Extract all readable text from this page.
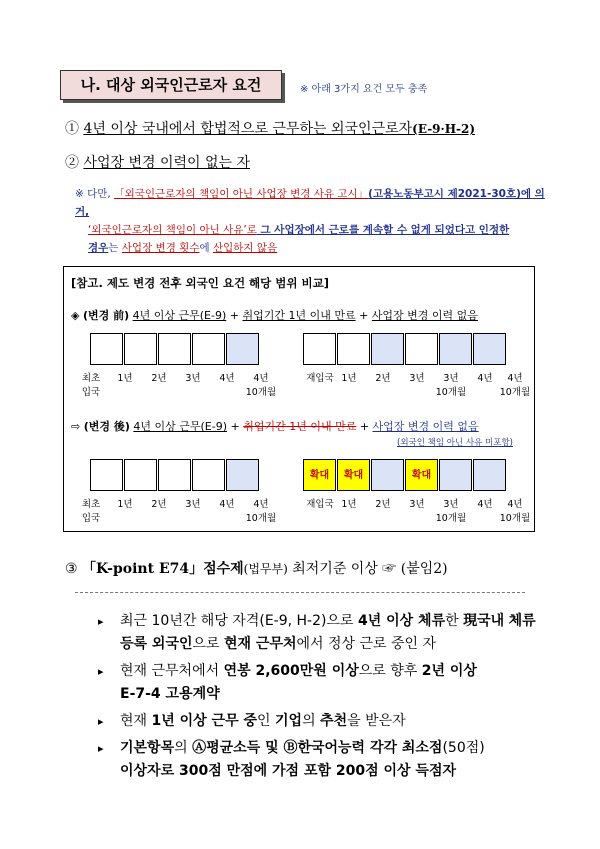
나. 대상 외국인근로자 요건	※ 아래 3가지 요건 모두 충족
① 4년 이상 국내에서 합법적으로 근무하는 외국인근로자(E-9·H-2)
② 사업장 변경 이력이 없는 자
※ 다만, 「외국인근로자의 책임이 아닌 사업장 변경 사유 고시」(고용노동부고시 제2021-30호)에 의거,
‘외국인근로자의 책임이 아닌 사유’로 그 사업장에서 근로를 계속할 수 없게 되었다고 인정한
경우는 사업장 변경 횟수에 산입하지 않음
[참고. 제도 변경 전후 외국인 요건 해당 범위 비교]
◈ (변경 前) 4년 이상 근무(E-9) + 취업기간 1년 이내 만료 + 사업장 변경 이력 없음
최초
입국
1년	2년	3년	4년	4년
10개월
재입국 1년	2년	3년	3년
10개월
4년	4년
10개월
⇨ (변경 後) 4년 이상 근무(E-9) + 취업기간 1년 이내 만료 + 사업장 변경 이력 없음
(외국인 책임 아닌 사유 미포함)
확대	확대	확대
최초
입국
1년	2년	3년	4년	4년
10개월
재입국 1년	2년	3년	3년
10개월
4년	4년
10개월
③ 「K-point E74」점수제(법무부) 최저기준 이상 ☞ (붙임2)
▸ 최근 10년간 해당 자격(E-9, H-2)으로 4년 이상 체류한 現국내 체류 등록 외국인으로 현재 근무처에서 정상 근로 중인 자
▸ 현재 근무처에서 연봉 2,600만원 이상으로 향후 2년 이상
E-7-4 고용계약
▸ 현재 1년 이상 근무 중인 기업의 추천을 받은자
▸ 기본항목의 Ⓐ평균소득 및 Ⓑ한국어능력 각각 최소점(50점)
이상자로 300점 만점에 가점 포함 200점 이상 득점자
